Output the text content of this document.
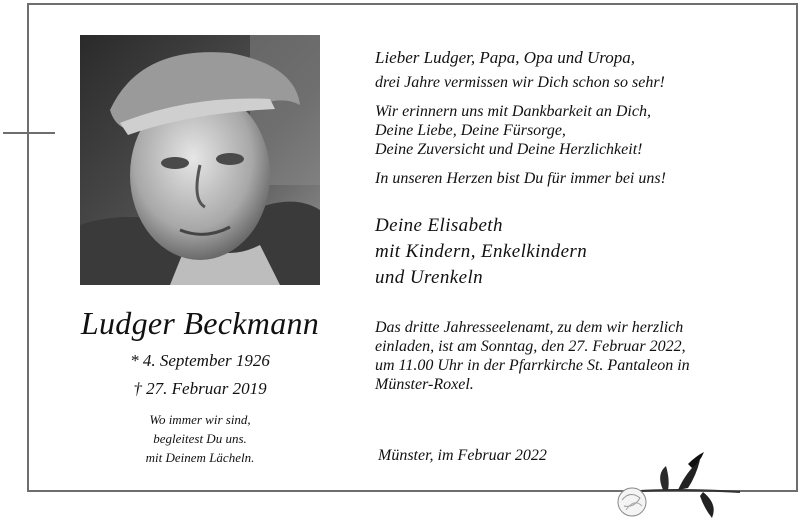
Ludger Beckmann
* 4. September 1926
† 27. Februar 2019
Wo immer wir sind,
begleitest Du uns.
mit Deinem Lächeln.

Lieber Ludger, Papa, Opa und Uropa,

drei Jahre vermissen wir Dich schon so sehr!

Wir erinnern uns mit Dankbarkeit an Dich,
Deine Liebe, Deine Fürsorge,
Deine Zuversicht und Deine Herzlichkeit!

In unseren Herzen bist Du für immer bei uns!

Deine Elisabeth
mit Kindern, Enkelkindern
und Urenkeln
Das dritte Jahresseelenamt, zu dem wir herzlich
einladen, ist am Sonntag, den 27. Februar 2022,
um 11.00 Uhr in der Pfarrkirche St. Pantaleon in
Münster-Roxel.
Münster, im Februar 2022
